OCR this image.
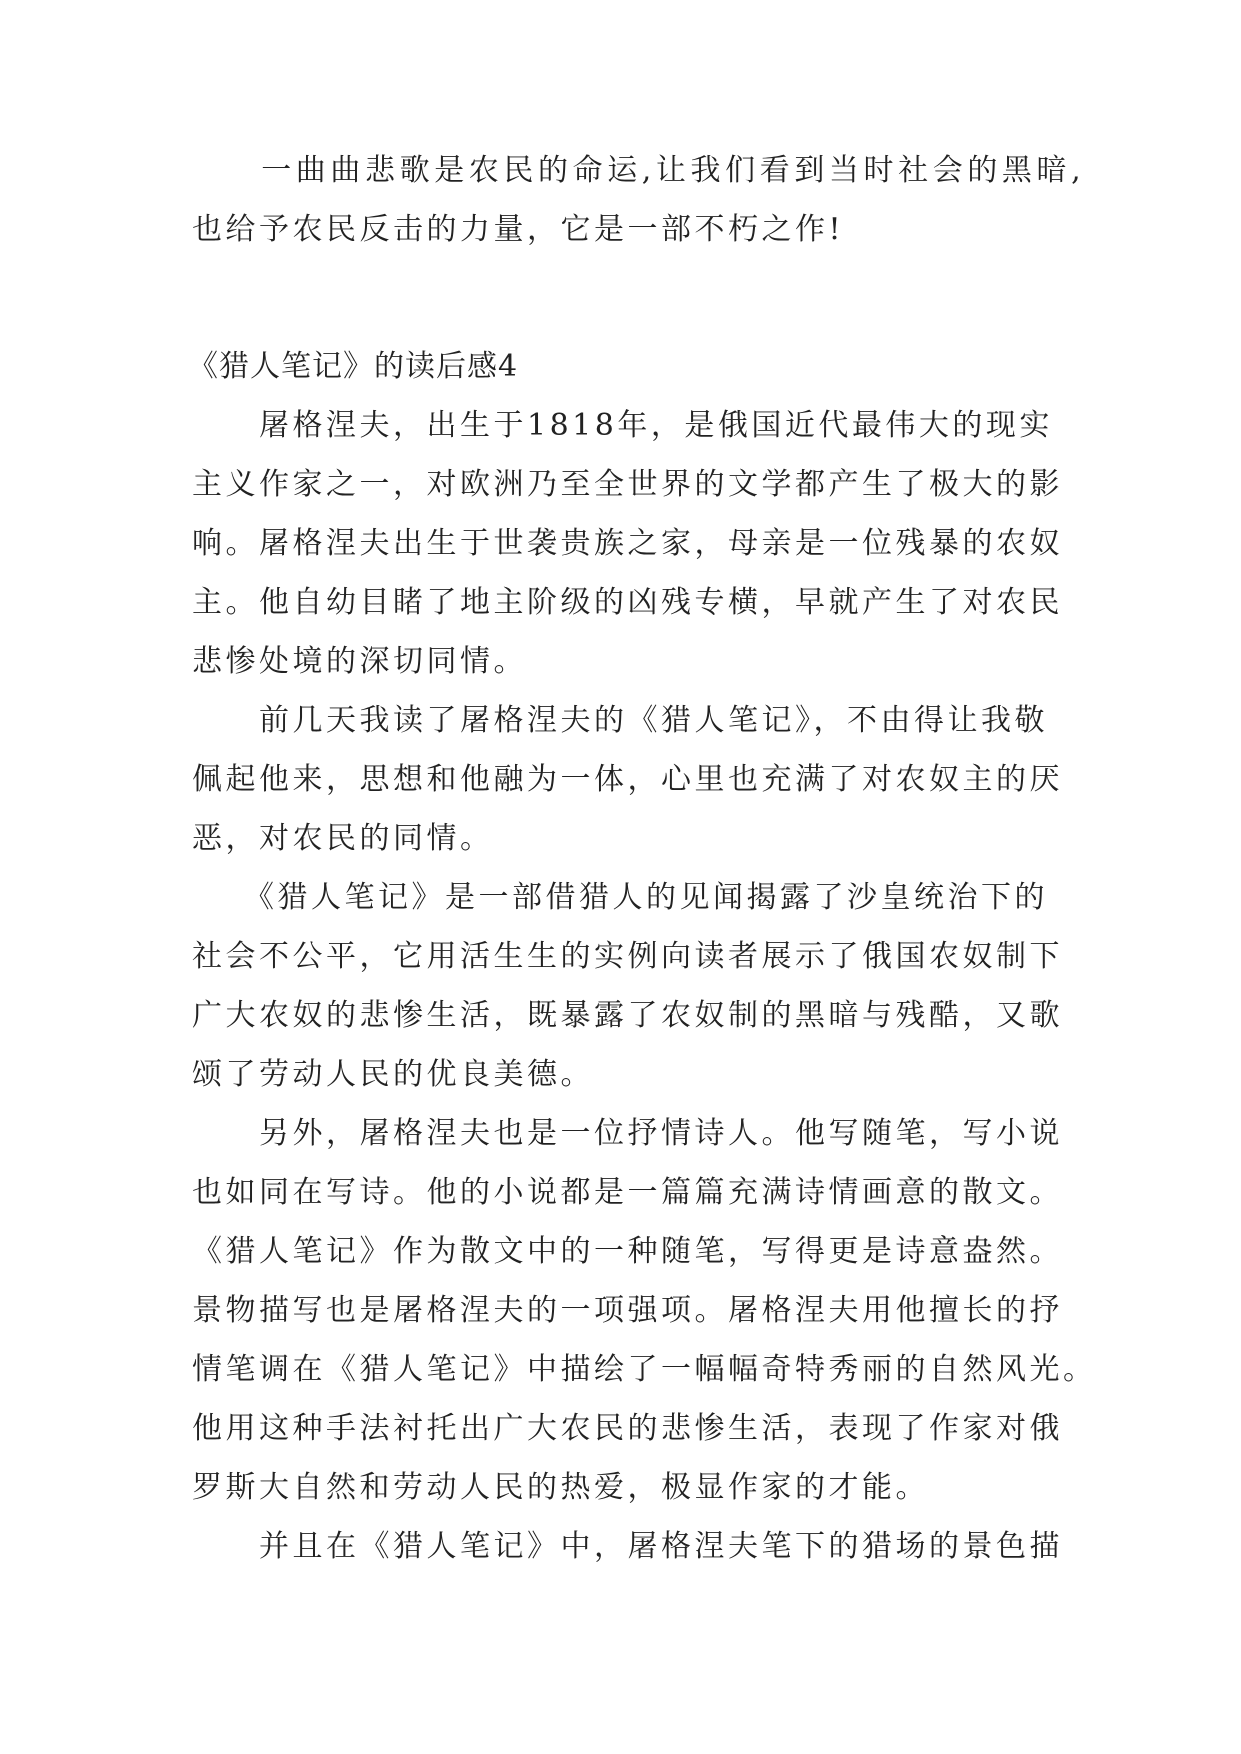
　　一曲曲悲歌是农民的命运,让我们看到当时社会的黑暗,
也给予农民反击的力量，它是一部不朽之作!
《猎人笔记》的读后感4
　　屠格涅夫，出生于1818年，是俄国近代最伟大的现实
主义作家之一，对欧洲乃至全世界的文学都产生了极大的影
响。屠格涅夫出生于世袭贵族之家，母亲是一位残暴的农奴
主。他自幼目睹了地主阶级的凶残专横，早就产生了对农民
悲惨处境的深切同情。
　　前几天我读了屠格涅夫的《猎人笔记》，不由得让我敬
佩起他来，思想和他融为一体，心里也充满了对农奴主的厌
恶，对农民的同情。
　　《猎人笔记》是一部借猎人的见闻揭露了沙皇统治下的
社会不公平，它用活生生的实例向读者展示了俄国农奴制下
广大农奴的悲惨生活，既暴露了农奴制的黑暗与残酷，又歌
颂了劳动人民的优良美德。
　　另外，屠格涅夫也是一位抒情诗人。他写随笔，写小说
也如同在写诗。他的小说都是一篇篇充满诗情画意的散文。
《猎人笔记》作为散文中的一种随笔，写得更是诗意盎然。
景物描写也是屠格涅夫的一项强项。屠格涅夫用他擅长的抒
情笔调在《猎人笔记》中描绘了一幅幅奇特秀丽的自然风光。
他用这种手法衬托出广大农民的悲惨生活，表现了作家对俄
罗斯大自然和劳动人民的热爱，极显作家的才能。
　　并且在《猎人笔记》中，屠格涅夫笔下的猎场的景色描
